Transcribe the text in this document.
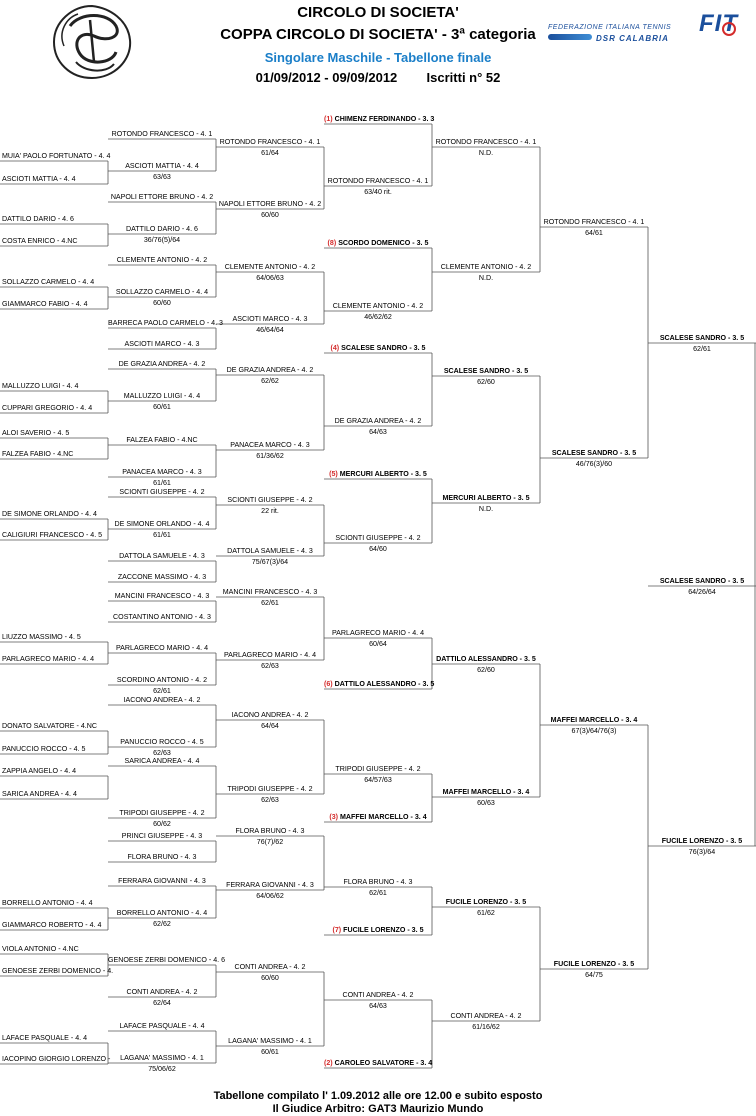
FIT
FEDERAZIONE ITALIANA TENNIS
DSR CALABRIA
CIRCOLO DI SOCIETA'
COPPA CIRCOLO DI SOCIETA' - 3ª categoria
Singolare Maschile - Tabellone finale
01/09/2012 - 09/09/2012 Iscritti n° 52
MUIA' PAOLO FORTUNATO - 4. 4
ASCIOTI MATTIA - 4. 4
DATTILO DARIO - 4. 6
COSTA ENRICO - 4.NC
SOLLAZZO CARMELO - 4. 4
GIAMMARCO FABIO - 4. 4
MALLUZZO LUIGI - 4. 4
CUPPARI GREGORIO - 4. 4
ALOI SAVERIO - 4. 5
FALZEA FABIO - 4.NC
DE SIMONE ORLANDO - 4. 4
CALIGIURI FRANCESCO - 4. 5
LIUZZO MASSIMO - 4. 5
PARLAGRECO MARIO - 4. 4
DONATO SALVATORE - 4.NC
PANUCCIO ROCCO - 4. 5
ZAPPIA ANGELO - 4. 4
SARICA ANDREA - 4. 4
BORRELLO ANTONIO - 4. 4
GIAMMARCO ROBERTO - 4. 4
VIOLA ANTONIO - 4.NC
GENOESE ZERBI DOMENICO - 4.
LAFACE PASQUALE - 4. 4
IACOPINO GIORGIO LORENZO -
ROTONDO FRANCESCO - 4. 1
ASCIOTI MATTIA - 4. 4
63/63
NAPOLI ETTORE BRUNO - 4. 2
DATTILO DARIO - 4. 6
36/76(5)/64
CLEMENTE ANTONIO - 4. 2
SOLLAZZO CARMELO - 4. 4
60/60
BARRECA PAOLO CARMELO - 4. 3
ASCIOTI MARCO - 4. 3
DE GRAZIA ANDREA - 4. 2
MALLUZZO LUIGI - 4. 4
60/61
FALZEA FABIO - 4.NC
PANACEA MARCO - 4. 3
61/61
SCIONTI GIUSEPPE - 4. 2
DE SIMONE ORLANDO - 4. 4
61/61
DATTOLA SAMUELE - 4. 3
ZACCONE MASSIMO - 4. 3
MANCINI FRANCESCO - 4. 3
COSTANTINO ANTONIO - 4. 3
PARLAGRECO MARIO - 4. 4
SCORDINO ANTONIO - 4. 2
62/61
IACONO ANDREA - 4. 2
PANUCCIO ROCCO - 4. 5
62/63
SARICA ANDREA - 4. 4
TRIPODI GIUSEPPE - 4. 2
60/62
PRINCI GIUSEPPE - 4. 3
FLORA BRUNO - 4. 3
FERRARA GIOVANNI - 4. 3
BORRELLO ANTONIO - 4. 4
62/62
GENOESE ZERBI DOMENICO - 4. 6
CONTI ANDREA - 4. 2
62/64
LAFACE PASQUALE - 4. 4
LAGANA' MASSIMO - 4. 1
75/06/62
ROTONDO FRANCESCO - 4. 1
61/64
NAPOLI ETTORE BRUNO - 4. 2
60/60
CLEMENTE ANTONIO - 4. 2
64/06/63
ASCIOTI MARCO - 4. 3
46/64/64
DE GRAZIA ANDREA - 4. 2
62/62
PANACEA MARCO - 4. 3
61/36/62
SCIONTI GIUSEPPE - 4. 2
22 rit.
DATTOLA SAMUELE - 4. 3
75/67(3)/64
MANCINI FRANCESCO - 4. 3
62/61
PARLAGRECO MARIO - 4. 4
62/63
IACONO ANDREA - 4. 2
64/64
TRIPODI GIUSEPPE - 4. 2
62/63
FLORA BRUNO - 4. 3
76(7)/62
FERRARA GIOVANNI - 4. 3
64/06/62
CONTI ANDREA - 4. 2
60/60
LAGANA' MASSIMO - 4. 1
60/61
(1) CHIMENZ FERDINANDO - 3. 3
ROTONDO FRANCESCO - 4. 1
63/40 rit.
(8) SCORDO DOMENICO - 3. 5
CLEMENTE ANTONIO - 4. 2
46/62/62
(4) SCALESE SANDRO - 3. 5
DE GRAZIA ANDREA - 4. 2
64/63
(5) MERCURI ALBERTO - 3. 5
SCIONTI GIUSEPPE - 4. 2
64/60
(6) DATTILO ALESSANDRO - 3. 5
PARLAGRECO MARIO - 4. 4
60/64
(3) MAFFEI MARCELLO - 3. 4
TRIPODI GIUSEPPE - 4. 2
64/57/63
(7) FUCILE LORENZO - 3. 5
FLORA BRUNO - 4. 3
62/61
(2) CAROLEO SALVATORE - 3. 4
CONTI ANDREA - 4. 2
64/63
ROTONDO FRANCESCO - 4. 1
N.D.
CLEMENTE ANTONIO - 4. 2
N.D.
SCALESE SANDRO - 3. 5
62/60
MERCURI ALBERTO - 3. 5
N.D.
DATTILO ALESSANDRO - 3. 5
62/60
MAFFEI MARCELLO - 3. 4
60/63
FUCILE LORENZO - 3. 5
61/62
CONTI ANDREA - 4. 2
61/16/62
ROTONDO FRANCESCO - 4. 1
64/61
SCALESE SANDRO - 3. 5
46/76(3)/60
MAFFEI MARCELLO - 3. 4
67(3)/64/76(3)
FUCILE LORENZO - 3. 5
64/75
SCALESE SANDRO - 3. 5
62/61
FUCILE LORENZO - 3. 5
76(3)/64
SCALESE SANDRO - 3. 5
64/26/64
Tabellone compilato l' 1.09.2012 alle ore 12.00 e subito esposto
Il Giudice Arbitro: GAT3 Maurizio Mundo
